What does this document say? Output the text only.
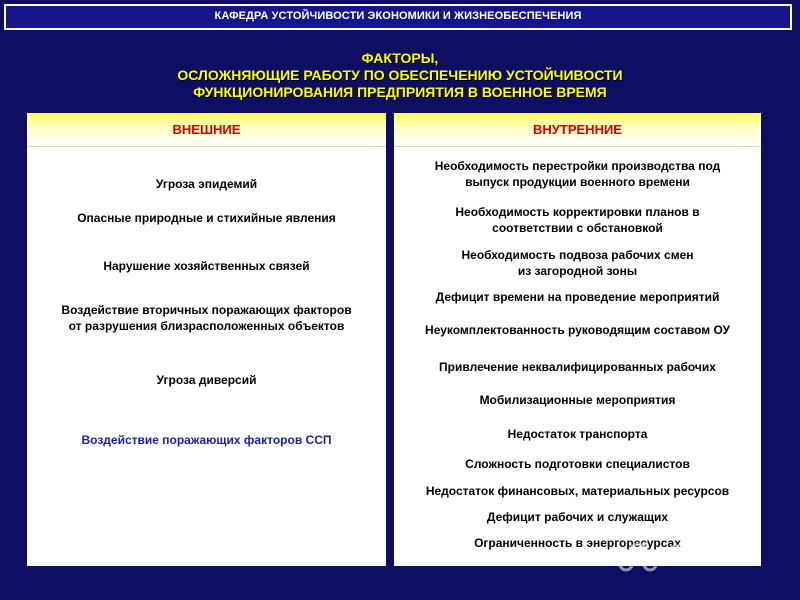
КАФЕДРА УСТОЙЧИВОСТИ ЭКОНОМИКИ И ЖИЗНЕОБЕСПЕЧЕНИЯ
ФАКТОРЫ,
ОСЛОЖНЯЮЩИЕ РАБОТУ ПО ОБЕСПЕЧЕНИЮ УСТОЙЧИВОСТИ
ФУНКЦИОНИРОВАНИЯ ПРЕДПРИЯТИЯ В ВОЕННОЕ ВРЕМЯ
ВНЕШНИЕ
Угроза эпидемий
Опасные природные и стихийные явления
Нарушение хозяйственных связей
Воздействие вторичных поражающих факторов
от разрушения близрасположенных объектов
Угроза диверсий
Воздействие поражающих факторов ССП
ВНУТРЕННИЕ
Необходимость перестройки производства под
выпуск продукции военного времени
Необходимость корректировки планов в
соответствии с обстановкой
Необходимость подвоза рабочих смен
из загородной зоны
Дефицит времени на проведение мероприятий
Неукомплектованность руководящим составом ОУ
Привлечение неквалифицированных рабочих
Мобилизационные мероприятия
Недостаток транспорта
Сложность подготовки специалистов
Недостаток финансовых, материальных ресурсов
Дефицит рабочих и служащих
Ограниченность в энергоресурсах
Share
